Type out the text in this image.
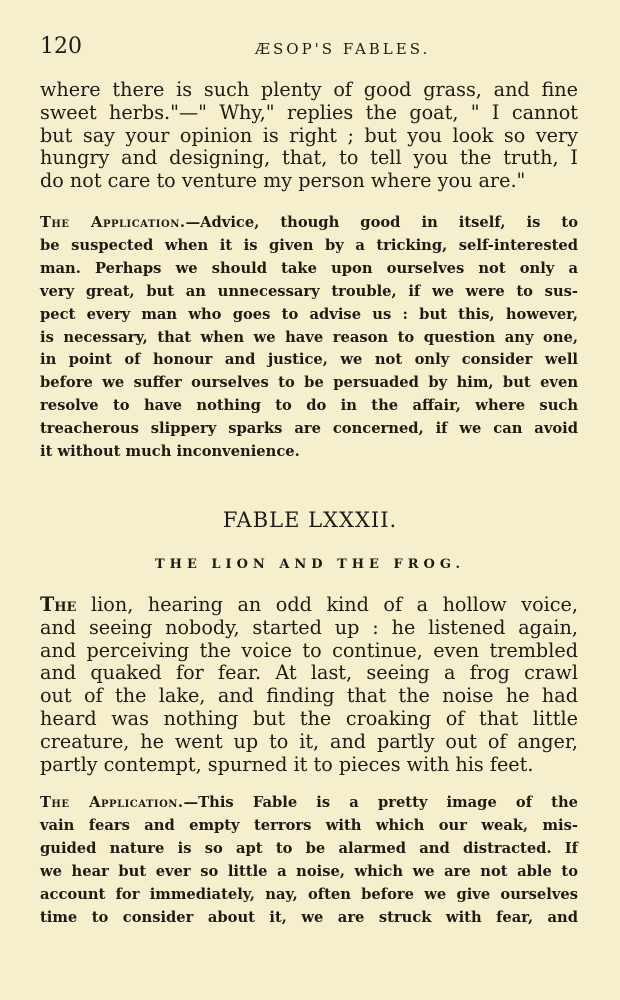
120	ÆSOP'S FABLES.
where there is such plenty of good grass, and fine
sweet herbs."—" Why," replies the goat, " I cannot
but say your opinion is right ; but you look so very
hungry and designing, that, to tell you the truth, I
do not care to venture my person where you are."
The Application.—Advice, though good in itself, is to
be suspected when it is given by a tricking, self-interested
man. Perhaps we should take upon ourselves not only a
very great, but an unnecessary trouble, if we were to sus-
pect every man who goes to advise us : but this, however,
is necessary, that when we have reason to question any one,
in point of honour and justice, we not only consider well
before we suffer ourselves to be persuaded by him, but even
resolve to have nothing to do in the affair, where such
treacherous slippery sparks are concerned, if we can avoid
it without much inconvenience.
FABLE LXXXII.
THE LION AND THE FROG.
The lion, hearing an odd kind of a hollow voice,
and seeing nobody, started up : he listened again,
and perceiving the voice to continue, even trembled
and quaked for fear. At last, seeing a frog crawl
out of the lake, and finding that the noise he had
heard was nothing but the croaking of that little
creature, he went up to it, and partly out of anger,
partly contempt, spurned it to pieces with his feet.
The Application.—This Fable is a pretty image of the
vain fears and empty terrors with which our weak, mis-
guided nature is so apt to be alarmed and distracted. If
we hear but ever so little a noise, which we are not able to
account for immediately, nay, often before we give ourselves
time to consider about it, we are struck with fear, and
